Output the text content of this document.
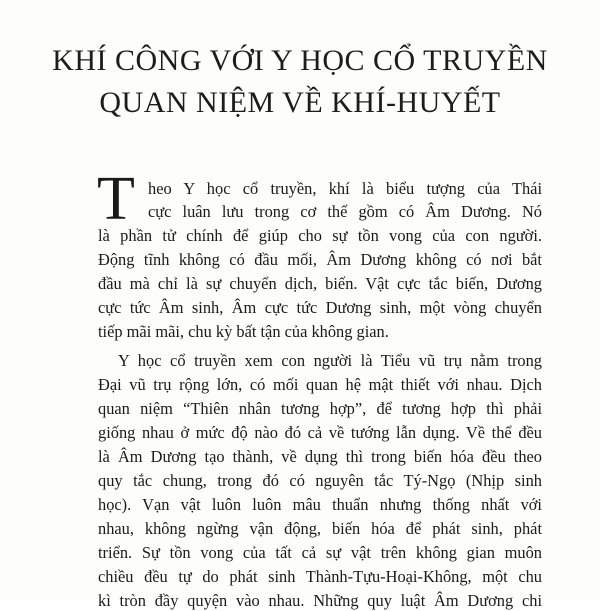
KHÍ CÔNG VỚI Y HỌC CỔ TRUYỀN
QUAN NIỆM VỀ KHÍ-HUYẾT
T heo Y học cổ truyền, khí là biểu tượng của Thái
cực luân lưu trong cơ thể gồm có Âm Dương. Nó
là phần tử chính để giúp cho sự tồn vong của con người.
Động tĩnh không có đầu mối, Âm Dương không có nơi bắt
đầu mà chỉ là sự chuyển dịch, biến. Vật cực tắc biến, Dương
cực tức Âm sinh, Âm cực tức Dương sinh, một vòng chuyển
tiếp mãi mãi, chu kỳ bất tận của không gian.
Y học cổ truyền xem con người là Tiểu vũ trụ nằm trong
Đại vũ trụ rộng lớn, có mối quan hệ mật thiết với nhau. Dịch
quan niệm “Thiên nhân tương hợp”, để tương hợp thì phải
giống nhau ở mức độ nào đó cả về tướng lẫn dụng. Về thể đều
là Âm Dương tạo thành, về dụng thì trong biến hóa đều theo
quy tắc chung, trong đó có nguyên tắc Tý-Ngọ (Nhịp sinh
học). Vạn vật luôn luôn mâu thuẩn nhưng thống nhất với
nhau, không ngừng vận động, biến hóa để phát sinh, phát
triển. Sự tồn vong của tất cả sự vật trên không gian muôn
chiều đều tự do phát sinh Thành-Tựu-Hoại-Không, một chu
kì tròn đầy quyện vào nhau. Những quy luật Âm Dương chi
